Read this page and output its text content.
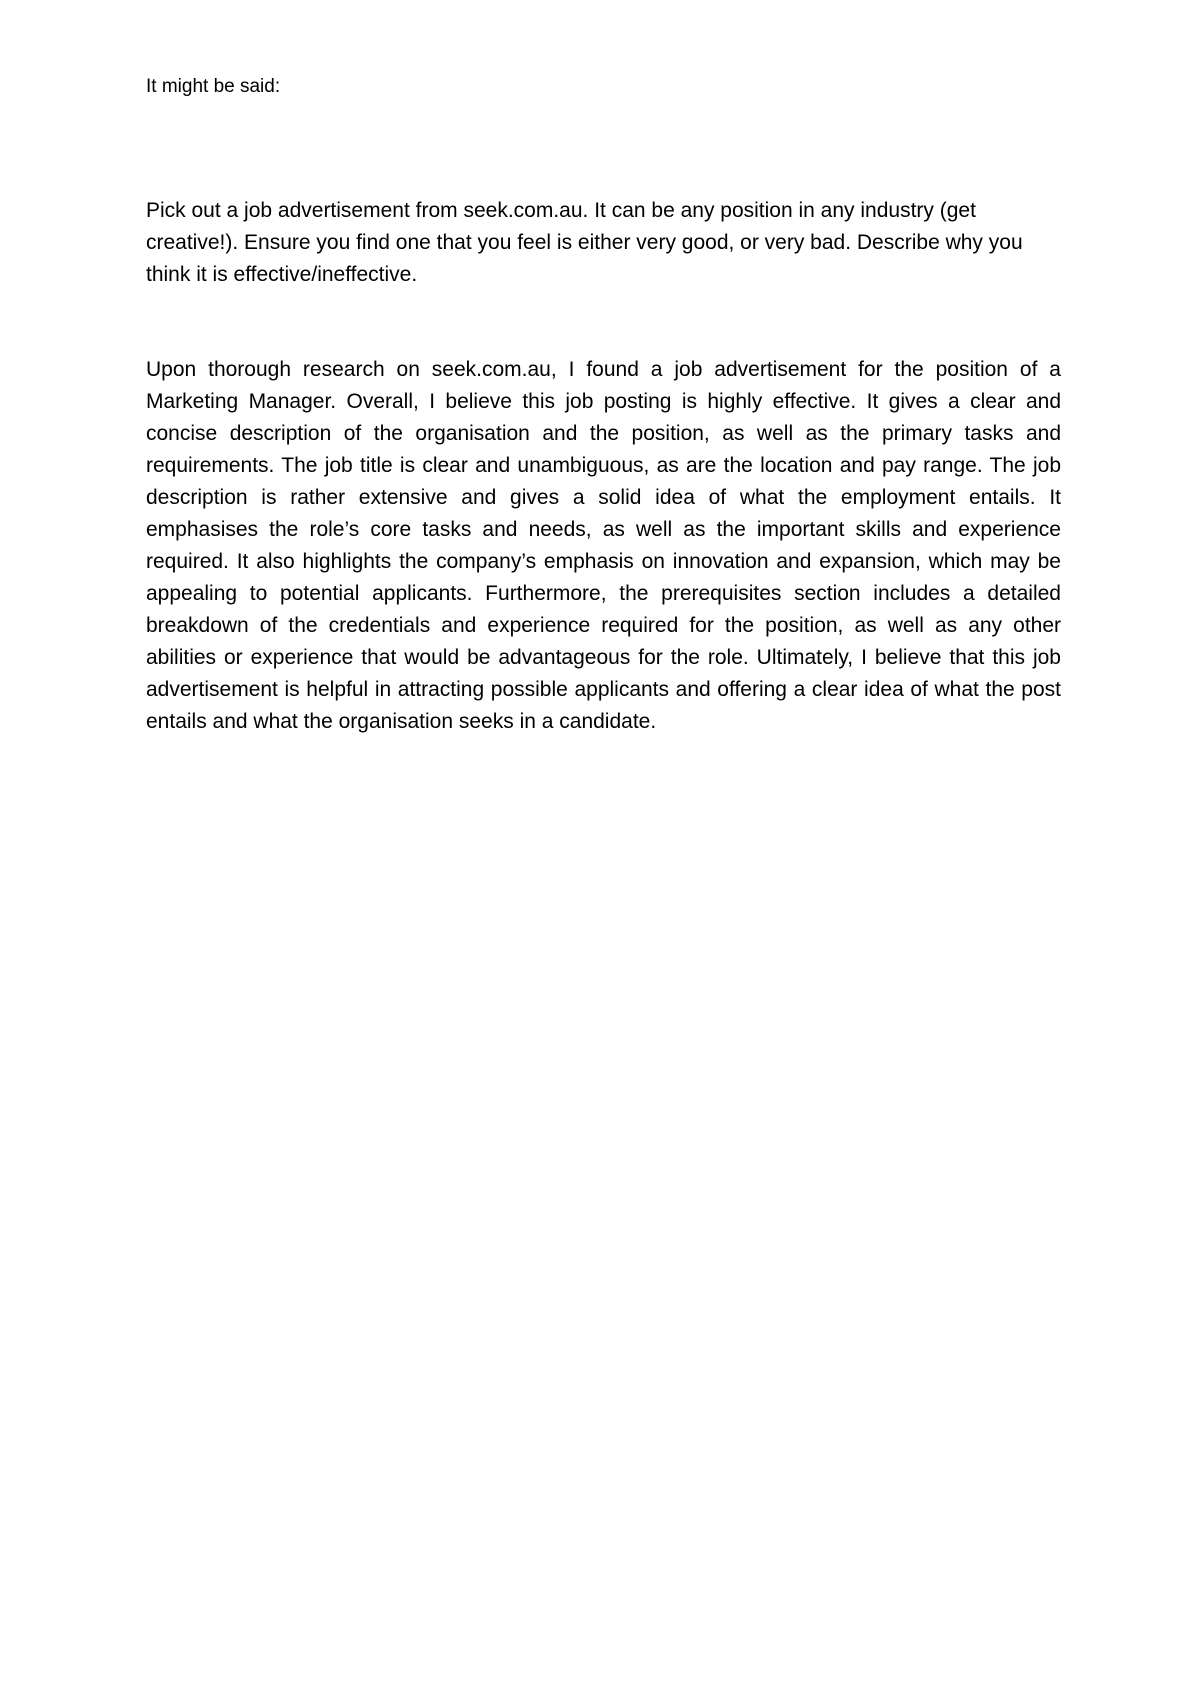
It might be said:

Pick out a job advertisement from seek.com.au. It can be any position in any industry (get creative!). Ensure you find one that you feel is either very good, or very bad. Describe why you think it is effective/ineffective.

Upon thorough research on seek.com.au, I found a job advertisement for the position of a Marketing Manager. Overall, I believe this job posting is highly effective. It gives a clear and concise description of the organisation and the position, as well as the primary tasks and requirements. The job title is clear and unambiguous, as are the location and pay range. The job description is rather extensive and gives a solid idea of what the employment entails. It emphasises the role’s core tasks and needs, as well as the important skills and experience required. It also highlights the company’s emphasis on innovation and expansion, which may be appealing to potential applicants. Furthermore, the prerequisites section includes a detailed breakdown of the credentials and experience required for the position, as well as any other abilities or experience that would be advantageous for the role. Ultimately, I believe that this job advertisement is helpful in attracting possible applicants and offering a clear idea of what the post entails and what the organisation seeks in a candidate.
